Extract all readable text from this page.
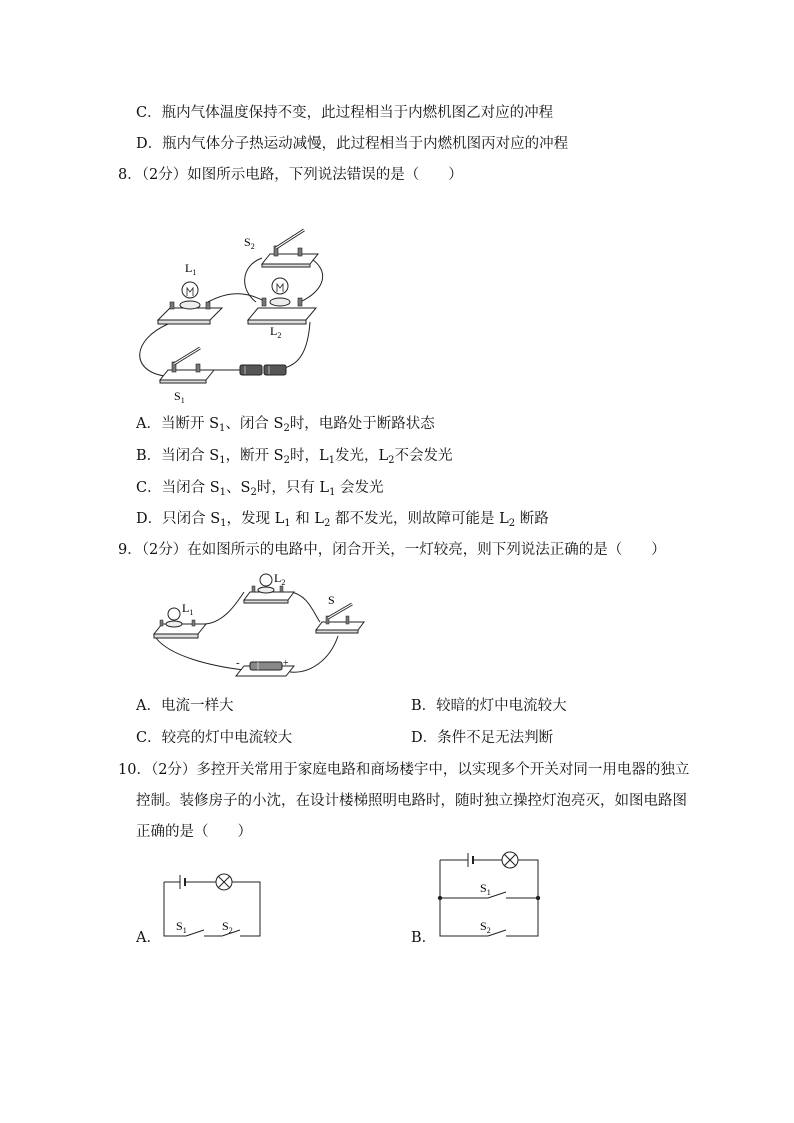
C．瓶内气体温度保持不变，此过程相当于内燃机图乙对应的冲程
D．瓶内气体分子热运动减慢，此过程相当于内燃机图丙对应的冲程
8．（2分）如图所示电路，下列说法错误的是（　　）
$S_2$
$L_1$
$L_2$
$S_1$
A．当断开 $S_1$、闭合 $S_2$时，电路处于断路状态
B．当闭合 $S_1$，断开 $S_2$时，$L_1$发光，$L_2$不会发光
C．当闭合 $S_1$、$S_2$时，只有 $L_1$ 会发光
D．只闭合 $S_1$，发现 $L_1$ 和 $L_2$ 都不发光，则故障可能是 $L_2$ 断路
9．（2分）在如图所示的电路中，闭合开关，一灯较亮，则下列说法正确的是（　　）
$L_1$
$L_2$
S
-	+
A．电流一样大	B．较暗的灯中电流较大
C．较亮的灯中电流较大	D．条件不足无法判断
10．（2分）多控开关常用于家庭电路和商场楼宇中，以实现多个开关对同一用电器的独立
控制。装修房子的小沈，在设计楼梯照明电路时，随时独立操控灯泡亮灭，如图电路图
正确的是（　　）
A．
$S_1$	$S_2$	B．
$S_1$
$S_2$
